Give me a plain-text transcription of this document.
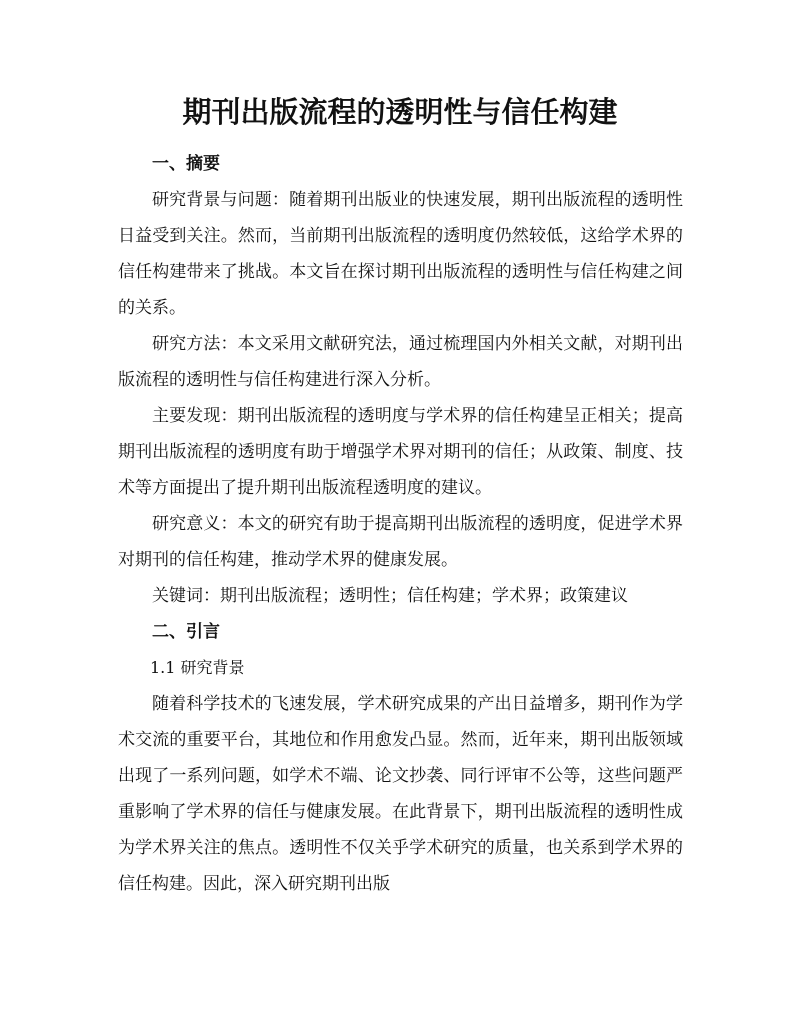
期刊出版流程的透明性与信任构建

一、摘要

研究背景与问题：随着期刊出版业的快速发展，期刊出版流程的透明性日益受到关注。然而，当前期刊出版流程的透明度仍然较低，这给学术界的信任构建带来了挑战。本文旨在探讨期刊出版流程的透明性与信任构建之间的关系。

研究方法：本文采用文献研究法，通过梳理国内外相关文献，对期刊出版流程的透明性与信任构建进行深入分析。

主要发现：期刊出版流程的透明度与学术界的信任构建呈正相关；提高期刊出版流程的透明度有助于增强学术界对期刊的信任；从政策、制度、技术等方面提出了提升期刊出版流程透明度的建议。

研究意义：本文的研究有助于提高期刊出版流程的透明度，促进学术界对期刊的信任构建，推动学术界的健康发展。

关键词：期刊出版流程；透明性；信任构建；学术界；政策建议

二、引言

1.1 研究背景

随着科学技术的飞速发展，学术研究成果的产出日益增多，期刊作为学术交流的重要平台，其地位和作用愈发凸显。然而，近年来，期刊出版领域出现了一系列问题，如学术不端、论文抄袭、同行评审不公等，这些问题严重影响了学术界的信任与健康发展。在此背景下，期刊出版流程的透明性成为学术界关注的焦点。透明性不仅关乎学术研究的质量，也关系到学术界的信任构建。因此，深入研究期刊出版
